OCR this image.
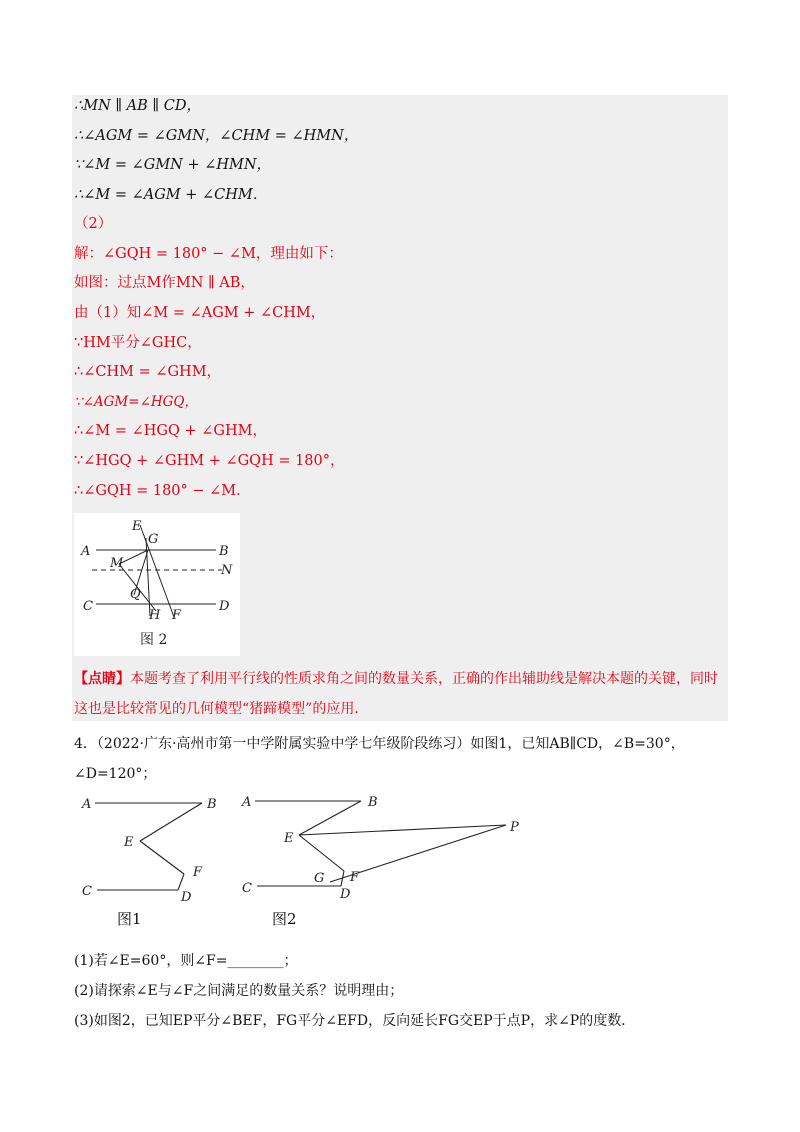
∴MN ∥ AB ∥ CD，
∴∠AGM = ∠GMN，∠CHM = ∠HMN，
∵∠M = ∠GMN + ∠HMN，
∴∠M = ∠AGM + ∠CHM．
（2）
解：∠GQH = 180° − ∠M，理由如下：
如图：过点M作MN ∥ AB，
由（1）知∠M = ∠AGM + ∠CHM，
∵HM平分∠GHC，
∴∠CHM = ∠GHM，
∵∠AGM=∠HGQ，
∴∠M = ∠HGQ + ∠GHM，
∵∠HGQ + ∠GHM + ∠GQH = 180°，
∴∠GQH = 180° − ∠M．
A	B
C	D
E
F
G
H
M	N
Q
图 2
【点睛】本题考查了利用平行线的性质求角之间的数量关系，正确的作出辅助线是解决本题的关键，同时这也是比较常见的几何模型“猪蹄模型”的应用．
4．（2022·广东·高州市第一中学附属实验中学七年级阶段练习）如图1，已知AB∥CD，∠B=30°，∠D=120°；
A	B
E
F
C	D
A	B
E
P
G F
C	D
图1	图2
(1)若∠E=60°，则∠F=________；
(2)请探索∠E与∠F之间满足的数量关系？说明理由；
(3)如图2，已知EP平分∠BEF，FG平分∠EFD，反向延长FG交EP于点P，求∠P的度数．
